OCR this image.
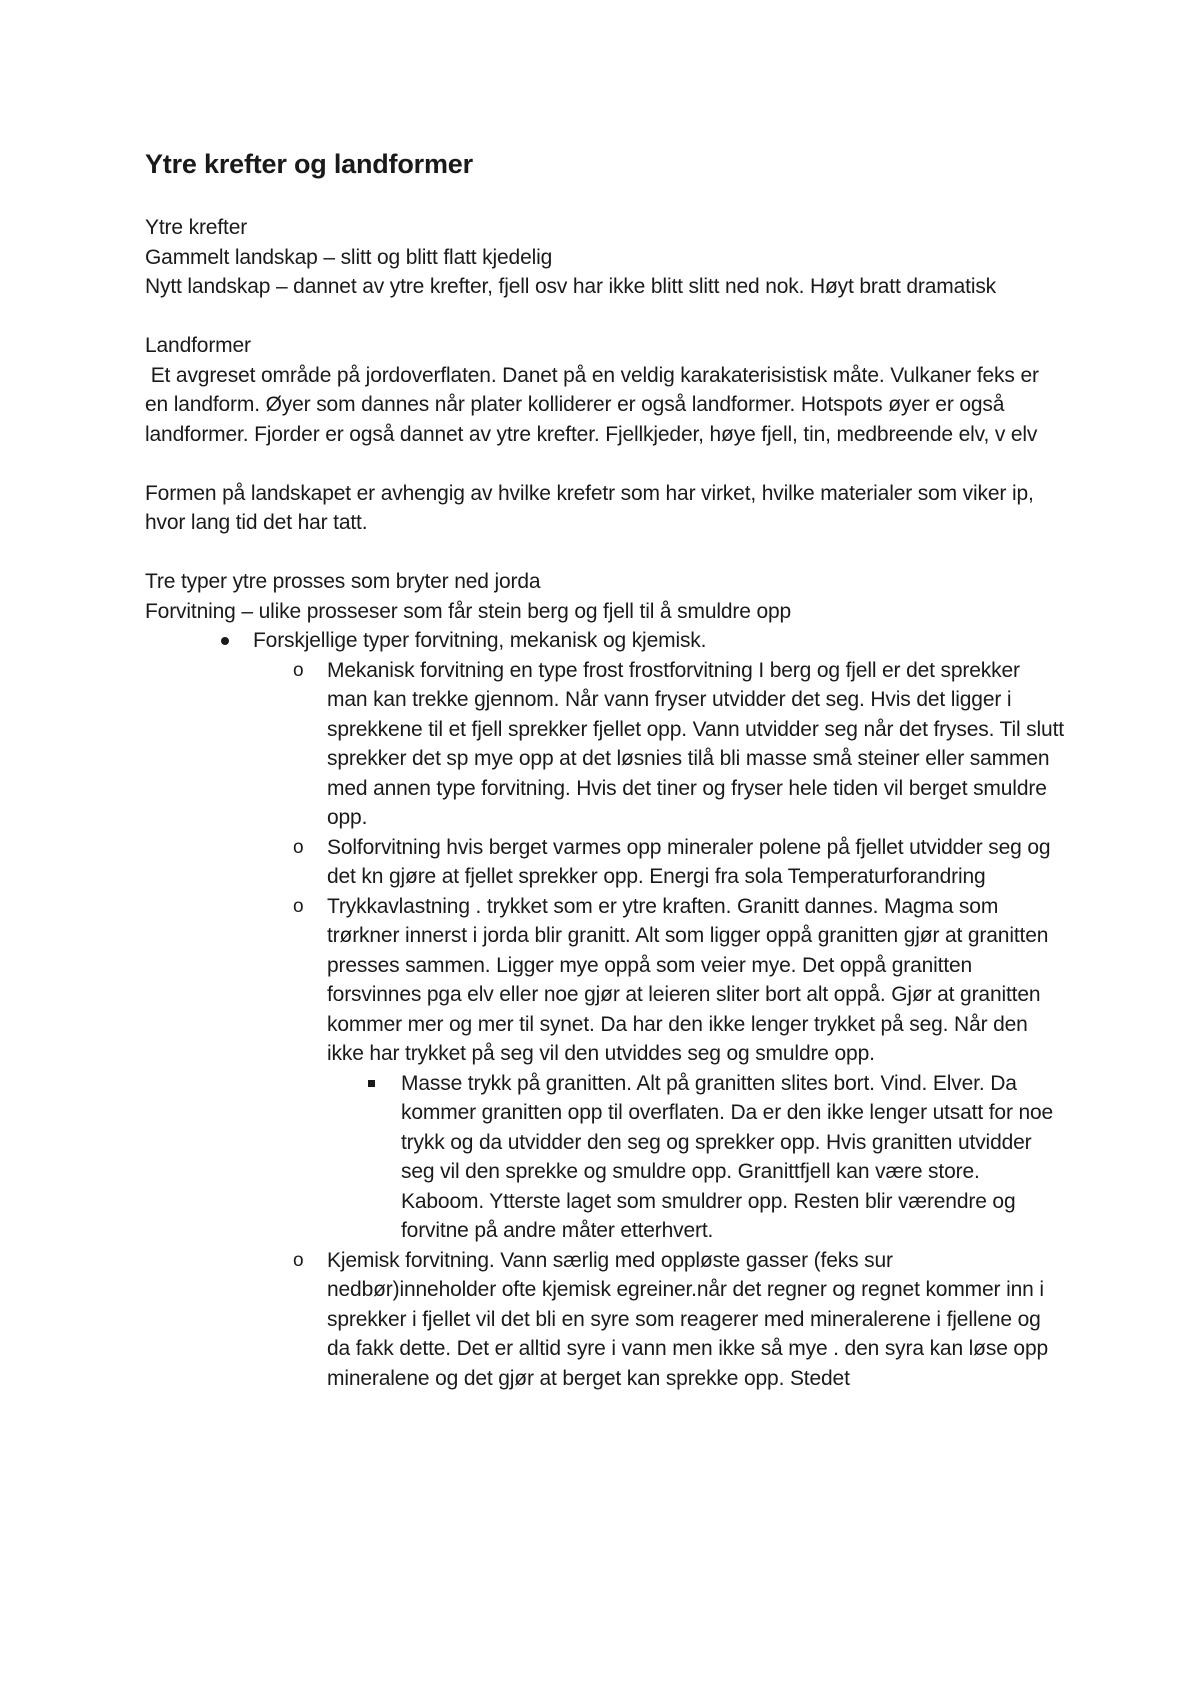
Ytre krefter og landformer

Ytre krefter

Gammelt landskap – slitt og blitt flatt kjedelig

Nytt landskap – dannet av ytre krefter, fjell osv har ikke blitt slitt ned nok. Høyt bratt dramatisk

Landformer

Et avgreset område på jordoverflaten. Danet på en veldig karakaterisistisk måte. Vulkaner feks er en landform. Øyer som dannes når plater kolliderer er også landformer. Hotspots øyer er også landformer. Fjorder er også dannet av ytre krefter. Fjellkjeder, høye fjell, tin, medbreende elv, v elv

Formen på landskapet er avhengig av hvilke krefetr som har virket, hvilke materialer som viker ip, hvor lang tid det har tatt.

Tre typer ytre prosses som bryter ned jorda

Forvitning – ulike prosseser som får stein berg og fjell til å smuldre opp

Forskjellige typer forvitning, mekanisk og kjemisk.
o Mekanisk forvitning en type frost frostforvitning I berg og fjell er det sprekker man kan trekke gjennom. Når vann fryser utvidder det seg. Hvis det ligger i sprekkene til et fjell sprekker fjellet opp. Vann utvidder seg når det fryses. Til slutt sprekker det sp mye opp at det løsnies tilå bli masse små steiner eller sammen med annen type forvitning. Hvis det tiner og fryser hele tiden vil berget smuldre opp.
o Solforvitning hvis berget varmes opp mineraler polene på fjellet utvidder seg og det kn gjøre at fjellet sprekker opp. Energi fra sola Temperaturforandring
o Trykkavlastning . trykket som er ytre kraften. Granitt dannes. Magma som trørkner innerst i jorda blir granitt. Alt som ligger oppå granitten gjør at granitten presses sammen. Ligger mye oppå som veier mye. Det oppå granitten forsvinnes pga elv eller noe gjør at leieren sliter bort alt oppå. Gjør at granitten kommer mer og mer til synet. Da har den ikke lenger trykket på seg. Når den ikke har trykket på seg vil den utviddes seg og smuldre opp.
Masse trykk på granitten. Alt på granitten slites bort. Vind. Elver. Da kommer granitten opp til overflaten. Da er den ikke lenger utsatt for noe trykk og da utvidder den seg og sprekker opp. Hvis granitten utvidder seg vil den sprekke og smuldre opp. Granittfjell kan være store. Kaboom. Ytterste laget som smuldrer opp. Resten blir værendre og forvitne på andre måter etterhvert.
o Kjemisk forvitning. Vann særlig med oppløste gasser (feks sur nedbør)inneholder ofte kjemisk egreiner.når det regner og regnet kommer inn i sprekker i fjellet vil det bli en syre som reagerer med mineralerene i fjellene og da fakk dette. Det er alltid syre i vann men ikke så mye . den syra kan løse opp mineralene og det gjør at berget kan sprekke opp. Stedet
